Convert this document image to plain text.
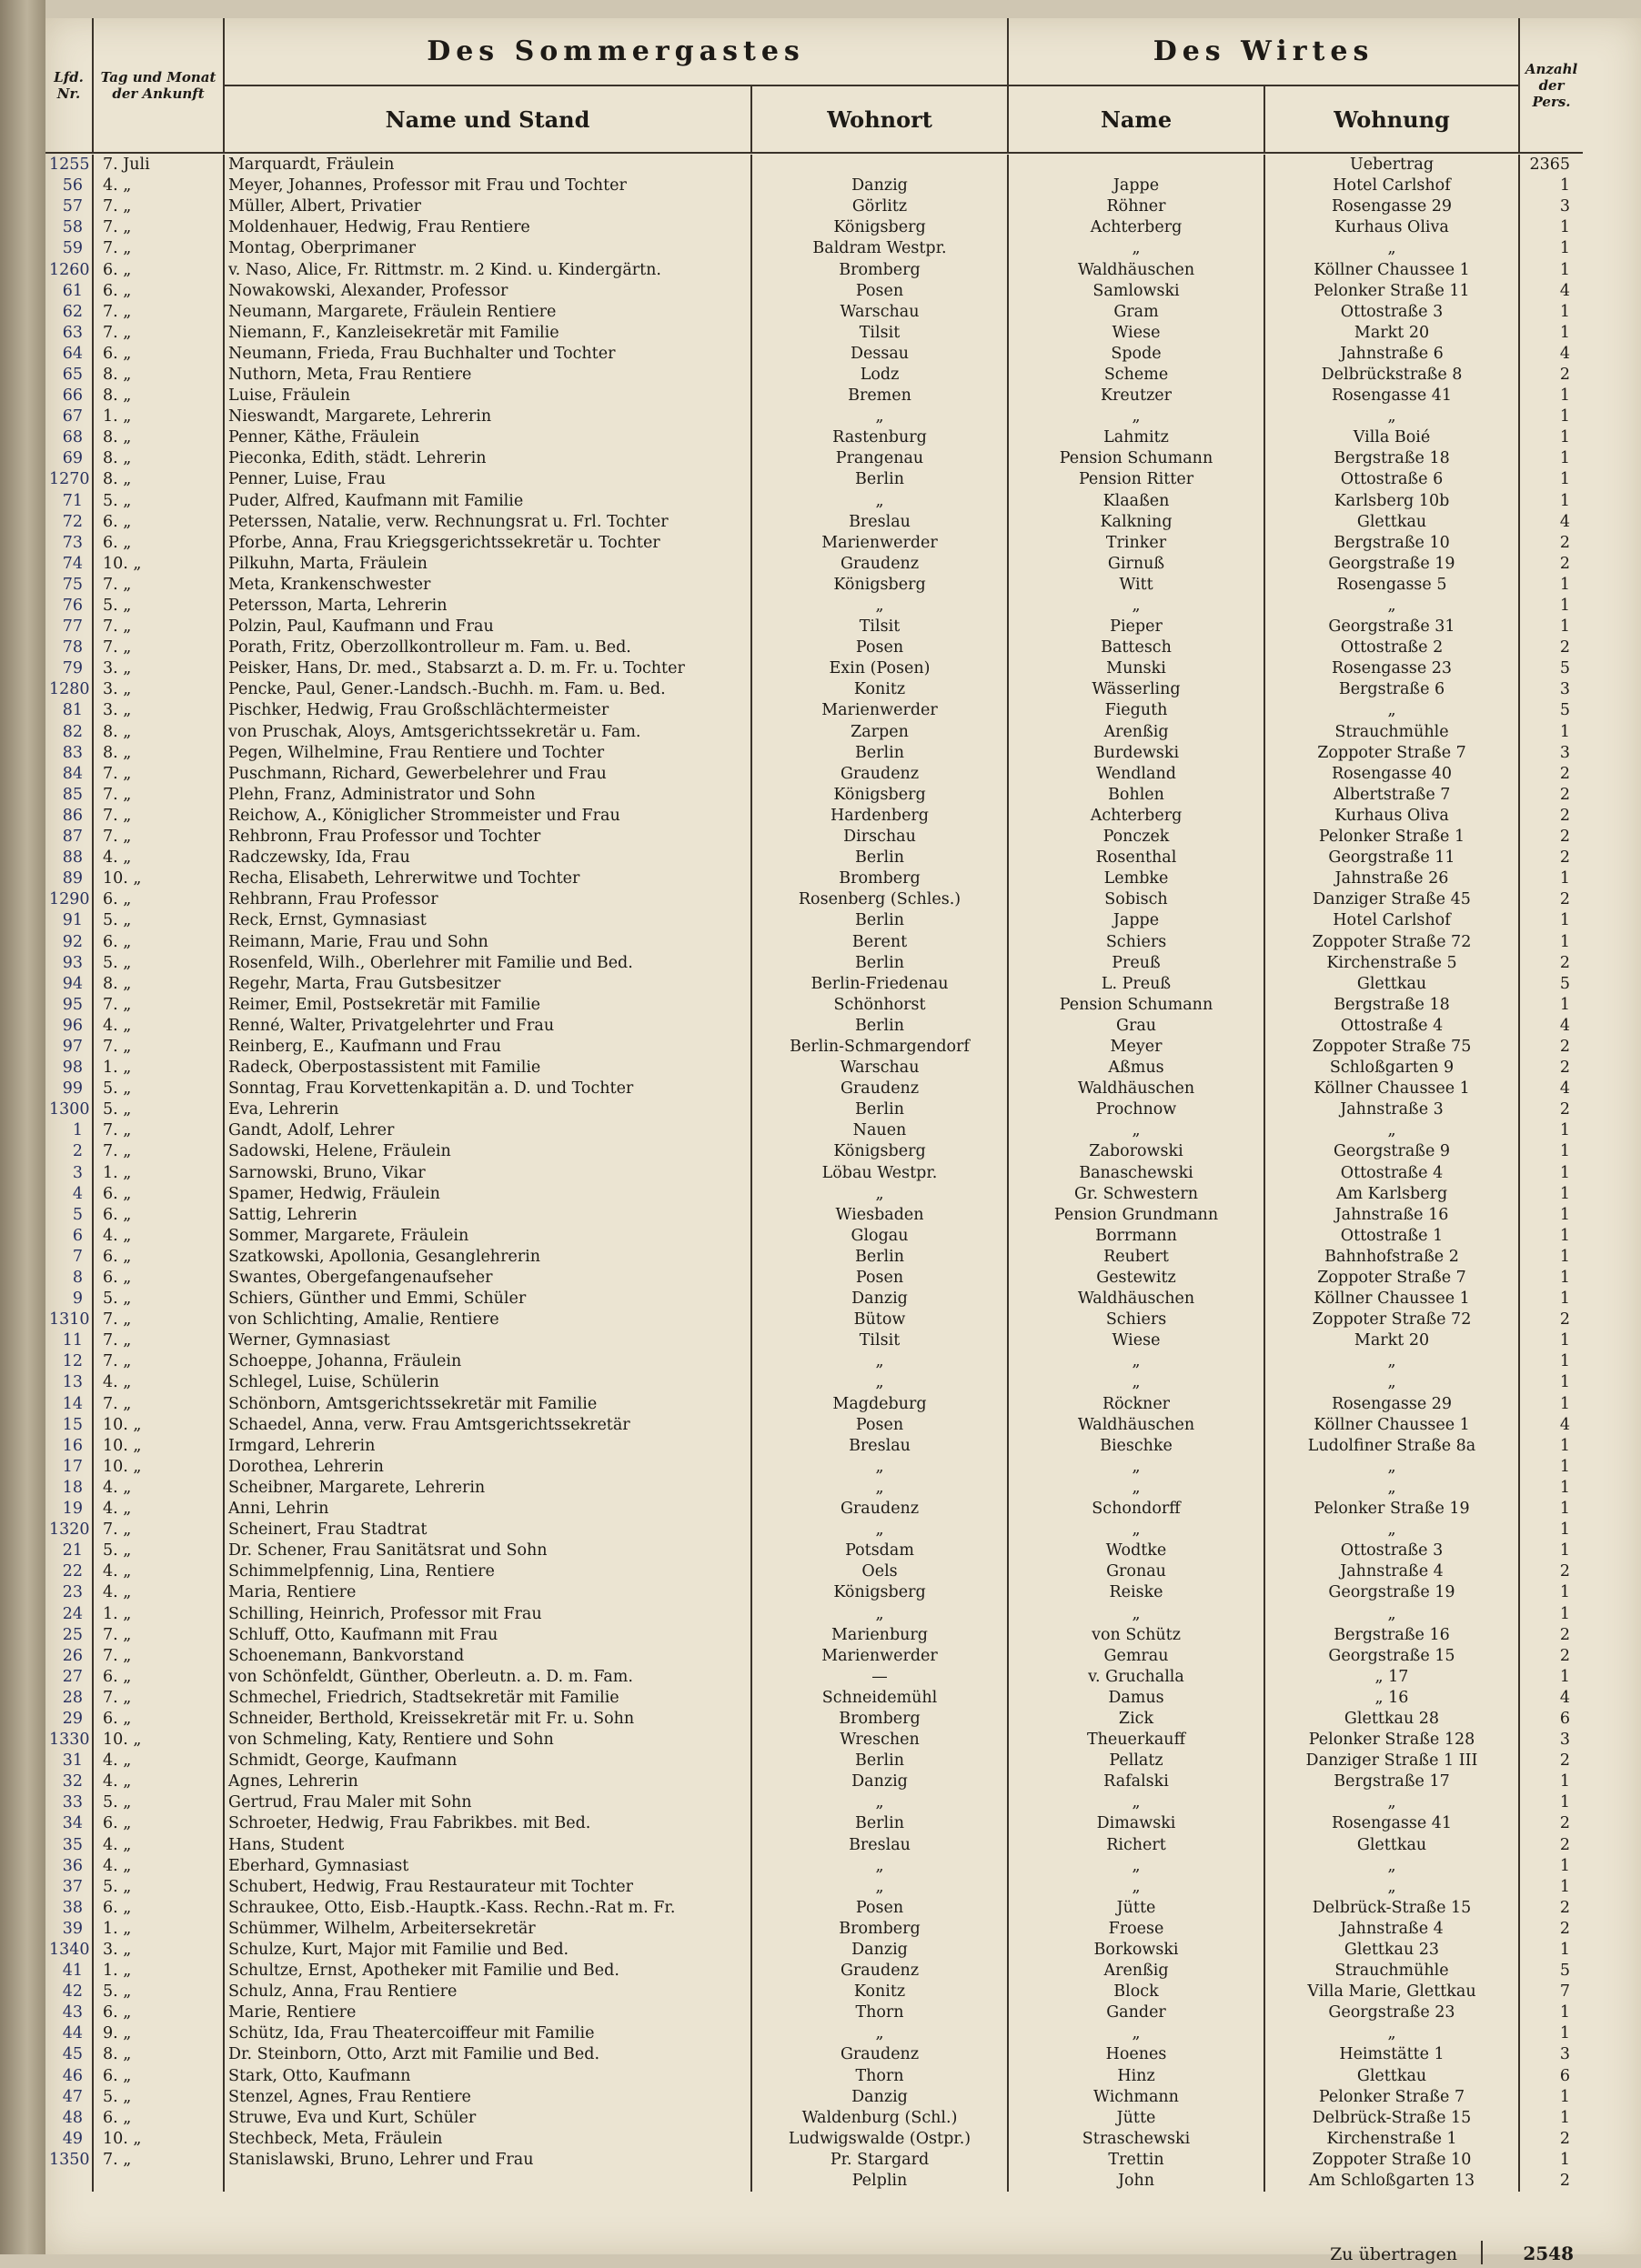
Lfd. Nr.	Tag und Monat der Ankunft	Des Sommergastes		Des Wirtes		Anzahl der Pers.
		Name und Stand	Wohnort	Name	Wohnung	
1255	7. Juli	Marquardt, Fräulein			Uebertrag	2365
56	4. „	Meyer, Johannes, Professor mit Frau und Tochter	Danzig	Jappe	Hotel Carlshof	1
57	7. „	Müller, Albert, Privatier	Görlitz	Röhner	Rosengasse 29	3
58	7. „	Moldenhauer, Hedwig, Frau Rentiere	Königsberg	Achterberg	Kurhaus Oliva	1
59	7. „	Montag, Oberprimaner	Baldram Westpr.	„	„	1
1260	6. „	v. Naso, Alice, Fr. Rittmstr. m. 2 Kind. u. Kindergärtn.	Bromberg	Waldhäuschen	Köllner Chaussee 1	1
61	6. „	Nowakowski, Alexander, Professor	Posen	Samlowski	Pelonker Straße 11	4
62	7. „	Neumann, Margarete, Fräulein Rentiere	Warschau	Gram	Ottostraße 3	1
63	7. „	Niemann, F., Kanzleisekretär mit Familie	Tilsit	Wiese	Markt 20	1
64	6. „	Neumann, Frieda, Frau Buchhalter und Tochter	Dessau	Spode	Jahnstraße 6	4
65	8. „	Nuthorn, Meta, Frau Rentiere	Lodz	Scheme	Delbrückstraße 8	2
66	8. „	Luise, Fräulein	Bremen	Kreutzer	Rosengasse 41	1
67	1. „	Nieswandt, Margarete, Lehrerin	„	„	„	1
68	8. „	Penner, Käthe, Fräulein	Rastenburg	Lahmitz	Villa Boié	1
69	8. „	Pieconka, Edith, städt. Lehrerin	Prangenau	Pension Schumann	Bergstraße 18	1
1270	8. „	Penner, Luise, Frau	Berlin	Pension Ritter	Ottostraße 6	1
71	5. „	Puder, Alfred, Kaufmann mit Familie	„	Klaaßen	Karlsberg 10b	1
72	6. „	Peterssen, Natalie, verw. Rechnungsrat u. Frl. Tochter	Breslau	Kalkning	Glettkau	4
73	6. „	Pforbe, Anna, Frau Kriegsgerichtssekretär u. Tochter	Marienwerder	Trinker	Bergstraße 10	2
74	10. „	Pilkuhn, Marta, Fräulein	Graudenz	Girnuß	Georgstraße 19	2
75	7. „	Meta, Krankenschwester	Königsberg	Witt	Rosengasse 5	1
76	5. „	Petersson, Marta, Lehrerin	„	„	„	1
77	7. „	Polzin, Paul, Kaufmann und Frau	Tilsit	Pieper	Georgstraße 31	1
78	7. „	Porath, Fritz, Oberzollkontrolleur m. Fam. u. Bed.	Posen	Battesch	Ottostraße 2	2
79	3. „	Peisker, Hans, Dr. med., Stabsarzt a. D. m. Fr. u. Tochter	Exin (Posen)	Munski	Rosengasse 23	5
1280	3. „	Pencke, Paul, Gener.-Landsch.-Buchh. m. Fam. u. Bed.	Konitz	Wässerling	Bergstraße 6	3
81	3. „	Pischker, Hedwig, Frau Großschlächtermeister	Marienwerder	Fieguth	„	5
82	8. „	von Pruschak, Aloys, Amtsgerichtssekretär u. Fam.	Zarpen	Arenßig	Strauchmühle	1
83	8. „	Pegen, Wilhelmine, Frau Rentiere und Tochter	Berlin	Burdewski	Zoppoter Straße 7	3
84	7. „	Puschmann, Richard, Gewerbelehrer und Frau	Graudenz	Wendland	Rosengasse 40	2
85	7. „	Plehn, Franz, Administrator und Sohn	Königsberg	Bohlen	Albertstraße 7	2
86	7. „	Reichow, A., Königlicher Strommeister und Frau	Hardenberg	Achterberg	Kurhaus Oliva	2
87	7. „	Rehbronn, Frau Professor und Tochter	Dirschau	Ponczek	Pelonker Straße 1	2
88	4. „	Radczewsky, Ida, Frau	Berlin	Rosenthal	Georgstraße 11	2
89	10. „	Recha, Elisabeth, Lehrerwitwe und Tochter	Bromberg	Lembke	Jahnstraße 26	1
1290	6. „	Rehbrann, Frau Professor	Rosenberg (Schles.)	Sobisch	Danziger Straße 45	2
91	5. „	Reck, Ernst, Gymnasiast	Berlin	Jappe	Hotel Carlshof	1
92	6. „	Reimann, Marie, Frau und Sohn	Berent	Schiers	Zoppoter Straße 72	1
93	5. „	Rosenfeld, Wilh., Oberlehrer mit Familie und Bed.	Berlin	Preuß	Kirchenstraße 5	2
94	8. „	Regehr, Marta, Frau Gutsbesitzer	Berlin-Friedenau	L. Preuß	Glettkau	5
95	7. „	Reimer, Emil, Postsekretär mit Familie	Schönhorst	Pension Schumann	Bergstraße 18	1
96	4. „	Renné, Walter, Privatgelehrter und Frau	Berlin	Grau	Ottostraße 4	4
97	7. „	Reinberg, E., Kaufmann und Frau	Berlin-Schmargendorf	Meyer	Zoppoter Straße 75	2
98	1. „	Radeck, Oberpostassistent mit Familie	Warschau	Aßmus	Schloßgarten 9	2
99	5. „	Sonntag, Frau Korvettenkapitän a. D. und Tochter	Graudenz	Waldhäuschen	Köllner Chaussee 1	4
1300	5. „	Eva, Lehrerin	Berlin	Prochnow	Jahnstraße 3	2
1	7. „	Gandt, Adolf, Lehrer	Nauen	„	„	1
2	7. „	Sadowski, Helene, Fräulein	Königsberg	Zaborowski	Georgstraße 9	1
3	1. „	Sarnowski, Bruno, Vikar	Löbau Westpr.	Banaschewski	Ottostraße 4	1
4	6. „	Spamer, Hedwig, Fräulein	„	Gr. Schwestern	Am Karlsberg	1
5	6. „	Sattig, Lehrerin	Wiesbaden	Pension Grundmann	Jahnstraße 16	1
6	4. „	Sommer, Margarete, Fräulein	Glogau	Borrmann	Ottostraße 1	1
7	6. „	Szatkowski, Apollonia, Gesanglehrerin	Berlin	Reubert	Bahnhofstraße 2	1
8	6. „	Swantes, Obergefangenaufseher	Posen	Gestewitz	Zoppoter Straße 7	1
9	5. „	Schiers, Günther und Emmi, Schüler	Danzig	Waldhäuschen	Köllner Chaussee 1	1
1310	7. „	von Schlichting, Amalie, Rentiere	Bütow	Schiers	Zoppoter Straße 72	2
11	7. „	Werner, Gymnasiast	Tilsit	Wiese	Markt 20	1
12	7. „	Schoeppe, Johanna, Fräulein	„	„	„	1
13	4. „	Schlegel, Luise, Schülerin	„	„	„	1
14	7. „	Schönborn, Amtsgerichtssekretär mit Familie	Magdeburg	Röckner	Rosengasse 29	1
15	10. „	Schaedel, Anna, verw. Frau Amtsgerichtssekretär	Posen	Waldhäuschen	Köllner Chaussee 1	4
16	10. „	Irmgard, Lehrerin	Breslau	Bieschke	Ludolfiner Straße 8a	1
17	10. „	Dorothea, Lehrerin	„	„	„	1
18	4. „	Scheibner, Margarete, Lehrerin	„	„	„	1
19	4. „	Anni, Lehrin	Graudenz	Schondorff	Pelonker Straße 19	1
1320	7. „	Scheinert, Frau Stadtrat	„	„	„	1
21	5. „	Dr. Schener, Frau Sanitätsrat und Sohn	Potsdam	Wodtke	Ottostraße 3	1
22	4. „	Schimmelpfennig, Lina, Rentiere	Oels	Gronau	Jahnstraße 4	2
23	4. „	Maria, Rentiere	Königsberg	Reiske	Georgstraße 19	1
24	1. „	Schilling, Heinrich, Professor mit Frau	„	„	„	1
25	7. „	Schluff, Otto, Kaufmann mit Frau	Marienburg	von Schütz	Bergstraße 16	2
26	7. „	Schoenemann, Bankvorstand	Marienwerder	Gemrau	Georgstraße 15	2
27	6. „	von Schönfeldt, Günther, Oberleutn. a. D. m. Fam.	—	v. Gruchalla	„ 17	1
28	7. „	Schmechel, Friedrich, Stadtsekretär mit Familie	Schneidemühl	Damus	„ 16	4
29	6. „	Schneider, Berthold, Kreissekretär mit Fr. u. Sohn	Bromberg	Zick	Glettkau 28	6
1330	10. „	von Schmeling, Katy, Rentiere und Sohn	Wreschen	Theuerkauff	Pelonker Straße 128	3
31	4. „	Schmidt, George, Kaufmann	Berlin	Pellatz	Danziger Straße 1 III	2
32	4. „	Agnes, Lehrerin	Danzig	Rafalski	Bergstraße 17	1
33	5. „	Gertrud, Frau Maler mit Sohn	„	„	„	1
34	6. „	Schroeter, Hedwig, Frau Fabrikbes. mit Bed.	Berlin	Dimawski	Rosengasse 41	2
35	4. „	Hans, Student	Breslau	Richert	Glettkau	2
36	4. „	Eberhard, Gymnasiast	„	„	„	1
37	5. „	Schubert, Hedwig, Frau Restaurateur mit Tochter	„	„	„	1
38	6. „	Schraukee, Otto, Eisb.-Hauptk.-Kass. Rechn.-Rat m. Fr.	Posen	Jütte	Delbrück-Straße 15	2
39	1. „	Schümmer, Wilhelm, Arbeitersekretär	Bromberg	Froese	Jahnstraße 4	2
1340	3. „	Schulze, Kurt, Major mit Familie und Bed.	Danzig	Borkowski	Glettkau 23	1
41	1. „	Schultze, Ernst, Apotheker mit Familie und Bed.	Graudenz	Arenßig	Strauchmühle	5
42	5. „	Schulz, Anna, Frau Rentiere	Konitz	Block	Villa Marie, Glettkau	7
43	6. „	Marie, Rentiere	Thorn	Gander	Georgstraße 23	1
44	9. „	Schütz, Ida, Frau Theatercoiffeur mit Familie	„	„	„	1
45	8. „	Dr. Steinborn, Otto, Arzt mit Familie und Bed.	Graudenz	Hoenes	Heimstätte 1	3
46	6. „	Stark, Otto, Kaufmann	Thorn	Hinz	Glettkau	6
47	5. „	Stenzel, Agnes, Frau Rentiere	Danzig	Wichmann	Pelonker Straße 7	1
48	6. „	Struwe, Eva und Kurt, Schüler	Waldenburg (Schl.)	Jütte	Delbrück-Straße 15	1
49	10. „	Stechbeck, Meta, Fräulein	Ludwigswalde (Ostpr.)	Straschewski	Kirchenstraße 1	2
1350	7. „	Stanislawski, Bruno, Lehrer und Frau	Pr. Stargard	Trettin	Zoppoter Straße 10	1
			Pelplin	John	Am Schloßgarten 13	2
Zu übertragen	2548
